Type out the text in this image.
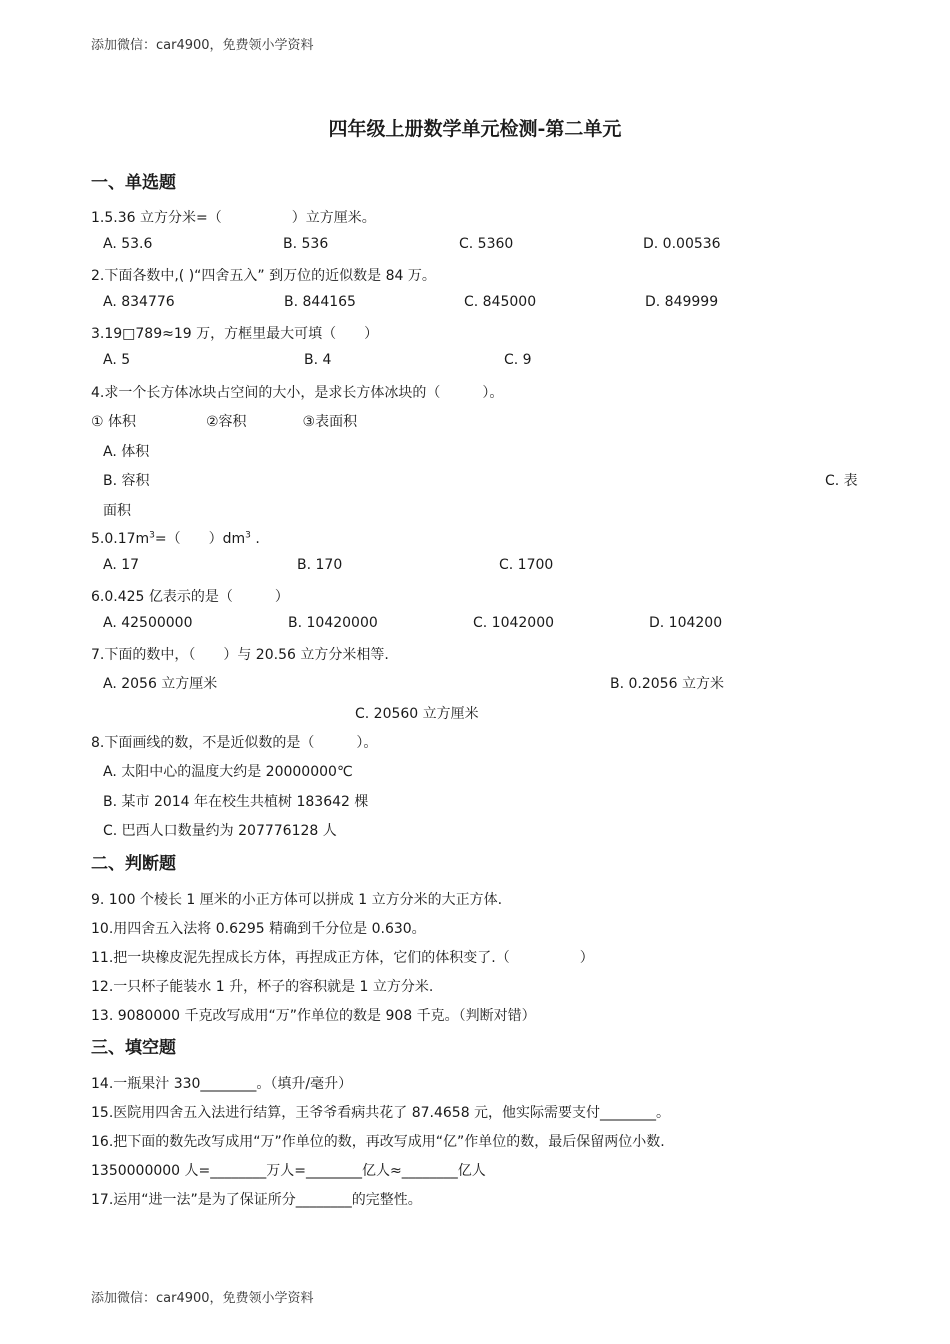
添加微信：car4900，免费领小学资料
四年级上册数学单元检测-第二单元
一、单选题
1.5.36 立方分米=（　　　　　）立方厘米。
A. 53.6	B. 536	C. 5360	D. 0.00536
2.下面各数中,( )“四舍五入” 到万位的近似数是 84 万。
A. 834776	B. 844165	C. 845000	D. 849999
3.19□789≈19 万，方框里最大可填（　　）
A. 5	B. 4	C. 9
4.求一个长方体冰块占空间的大小，是求长方体冰块的（　　　）。
① 体积　　　　　②容积　　　　③表面积
A. 体积
B. 容积	C. 表
面积
$5.0.17m^3=$（　　）$dm^3$ .
A. 17	B. 170	C. 1700
6.0.425 亿表示的是（　　　）
A. 42500000	B. 10420000	C. 1042000	D. 104200
7.下面的数中，（　　）与 20.56 立方分米相等.
A. 2056 立方厘米	B. 0.2056 立方米
C. 20560 立方厘米
8.下面画线的数，不是近似数的是（　　　）。
A. 太阳中心的温度大约是 20000000℃
B. 某市 2014 年在校生共植树 183642 棵
C. 巴西人口数量约为 207776128 人
二、判断题
9. 100 个棱长 1 厘米的小正方体可以拼成 1 立方分米的大正方体.
10.用四舍五入法将 0.6295 精确到千分位是 0.630。
11.把一块橡皮泥先捏成长方体，再捏成正方体，它们的体积变了.（　　　　　）
12.一只杯子能装水 1 升，杯子的容积就是 1 立方分米.
13. 9080000 千克改写成用“万”作单位的数是 908 千克。（判断对错）
三、填空题
14.一瓶果汁 330________。（填升/毫升）
15.医院用四舍五入法进行结算，王爷爷看病共花了 87.4658 元，他实际需要支付________。
16.把下面的数先改写成用“万”作单位的数，再改写成用“亿”作单位的数，最后保留两位小数.
1350000000 人=________万人=________亿人≈________亿人
17.运用“进一法”是为了保证所分________的完整性。
添加微信：car4900，免费领小学资料
